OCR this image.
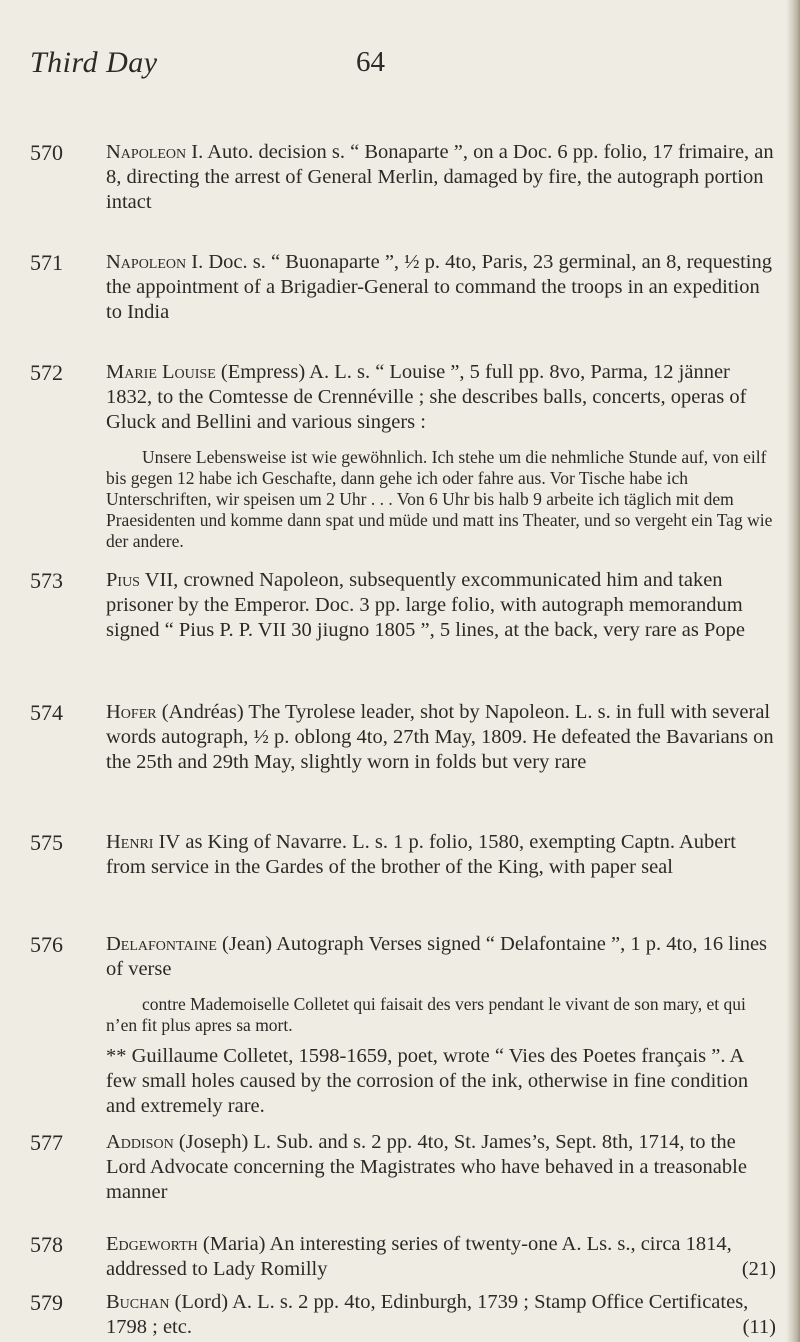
Third Day	64
570	Napoleon I. Auto. decision s. “ Bonaparte ”, on a Doc. 6 pp. folio, 17 frimaire, an 8, directing the arrest of General Merlin, damaged by fire, the autograph portion intact

571	Napoleon I. Doc. s. “ Buonaparte ”, ½ p. 4to, Paris, 23 germinal, an 8, requesting the appointment of a Brigadier-General to command the troops in an expedition to India

572	Marie Louise (Empress) A. L. s. “ Louise ”, 5 full pp. 8vo, Parma, 12 jänner 1832, to the Comtesse de Crennéville ; she describes balls, concerts, operas of Gluck and Bellini and various singers :

Unsere Lebensweise ist wie gewöhnlich. Ich stehe um die nehmliche Stunde auf, von eilf bis gegen 12 habe ich Geschafte, dann gehe ich oder fahre aus. Vor Tische habe ich Unterschriften, wir speisen um 2 Uhr . . . Von 6 Uhr bis halb 9 arbeite ich täglich mit dem Praesidenten und komme dann spat und müde und matt ins Theater, und so vergeht ein Tag wie der andere.

573	Pius VII, crowned Napoleon, subsequently excommunicated him and taken prisoner by the Emperor. Doc. 3 pp. large folio, with autograph memorandum signed “ Pius P. P. VII 30 jiugno 1805 ”, 5 lines, at the back, very rare as Pope

574	Hofer (Andréas) The Tyrolese leader, shot by Napoleon. L. s. in full with several words autograph, ½ p. oblong 4to, 27th May, 1809. He defeated the Bavarians on the 25th and 29th May, slightly worn in folds but very rare

575	Henri IV as King of Navarre. L. s. 1 p. folio, 1580, exempting Captn. Aubert from service in the Gardes of the brother of the King, with paper seal

576	Delafontaine (Jean) Autograph Verses signed “ Delafontaine ”, 1 p. 4to, 16 lines of verse

contre Mademoiselle Colletet qui faisait des vers pendant le vivant de son mary, et qui n’en fit plus apres sa mort.

** Guillaume Colletet, 1598-1659, poet, wrote “ Vies des Poetes français ”. A few small holes caused by the corrosion of the ink, otherwise in fine condition and extremely rare.

577	Addison (Joseph) L. Sub. and s. 2 pp. 4to, St. James’s, Sept. 8th, 1714, to the Lord Advocate concerning the Magistrates who have behaved in a treasonable manner

578	Edgeworth (Maria) An interesting series of twenty-one A. Ls. s., circa 1814, addressed to Lady Romilly	(21)

579	Buchan (Lord) A. L. s. 2 pp. 4to, Edinburgh, 1739 ; Stamp Office Certificates, 1798 ; etc.	(11)
